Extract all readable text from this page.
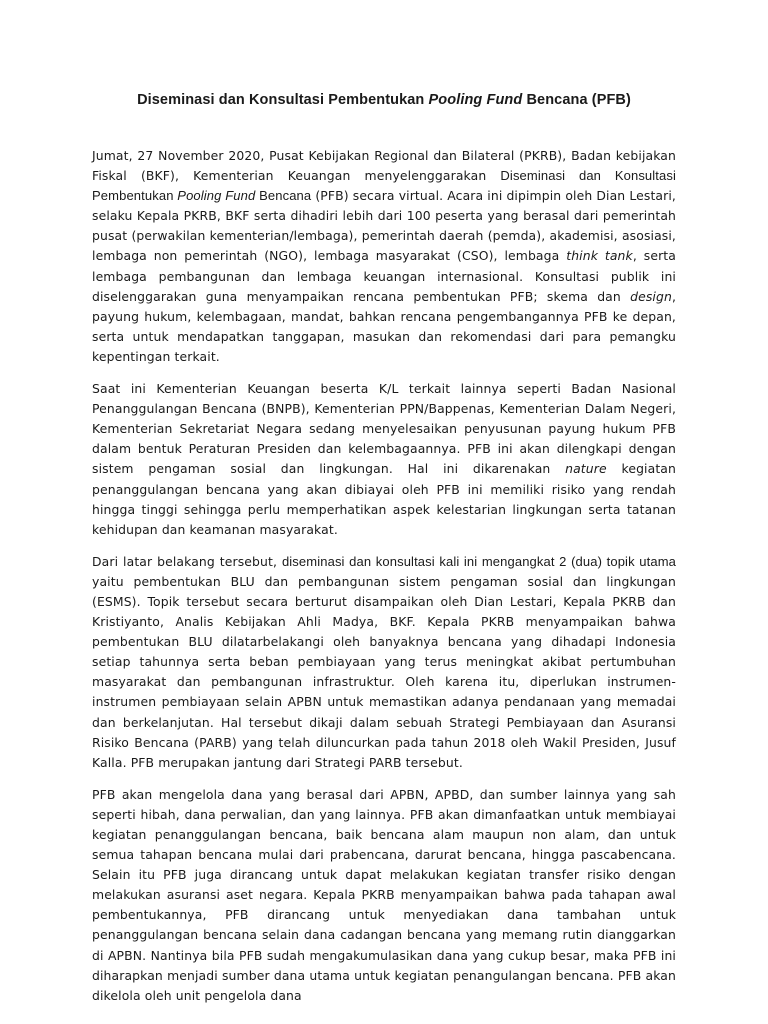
Diseminasi dan Konsultasi Pembentukan Pooling Fund Bencana (PFB)

Jumat, 27 November 2020, Pusat Kebijakan Regional dan Bilateral (PKRB), Badan kebijakan Fiskal (BKF), Kementerian Keuangan menyelenggarakan Diseminasi dan Konsultasi Pembentukan Pooling Fund Bencana (PFB) secara virtual. Acara ini dipimpin oleh Dian Lestari, selaku Kepala PKRB, BKF serta dihadiri lebih dari 100 peserta yang berasal dari pemerintah pusat (perwakilan kementerian/lembaga), pemerintah daerah (pemda), akademisi, asosiasi, lembaga non pemerintah (NGO), lembaga masyarakat (CSO), lembaga think tank, serta lembaga pembangunan dan lembaga keuangan internasional. Konsultasi publik ini diselenggarakan guna menyampaikan rencana pembentukan PFB; skema dan design, payung hukum, kelembagaan, mandat, bahkan rencana pengembangannya PFB ke depan, serta untuk mendapatkan tanggapan, masukan dan rekomendasi dari para pemangku kepentingan terkait.

Saat ini Kementerian Keuangan beserta K/L terkait lainnya seperti Badan Nasional Penanggulangan Bencana (BNPB), Kementerian PPN/Bappenas, Kementerian Dalam Negeri, Kementerian Sekretariat Negara sedang menyelesaikan penyusunan payung hukum PFB dalam bentuk Peraturan Presiden dan kelembagaannya. PFB ini akan dilengkapi dengan sistem pengaman sosial dan lingkungan. Hal ini dikarenakan nature kegiatan penanggulangan bencana yang akan dibiayai oleh PFB ini memiliki risiko yang rendah hingga tinggi sehingga perlu memperhatikan aspek kelestarian lingkungan serta tatanan kehidupan dan keamanan masyarakat.

Dari latar belakang tersebut, diseminasi dan konsultasi kali ini mengangkat 2 (dua) topik utama yaitu pembentukan BLU dan pembangunan sistem pengaman sosial dan lingkungan (ESMS). Topik tersebut secara berturut disampaikan oleh Dian Lestari, Kepala PKRB dan Kristiyanto, Analis Kebijakan Ahli Madya, BKF. Kepala PKRB menyampaikan bahwa pembentukan BLU dilatarbelakangi oleh banyaknya bencana yang dihadapi Indonesia setiap tahunnya serta beban pembiayaan yang terus meningkat akibat pertumbuhan masyarakat dan pembangunan infrastruktur. Oleh karena itu, diperlukan instrumen-instrumen pembiayaan selain APBN untuk memastikan adanya pendanaan yang memadai dan berkelanjutan. Hal tersebut dikaji dalam sebuah Strategi Pembiayaan dan Asuransi Risiko Bencana (PARB) yang telah diluncurkan pada tahun 2018 oleh Wakil Presiden, Jusuf Kalla. PFB merupakan jantung dari Strategi PARB tersebut.

PFB akan mengelola dana yang berasal dari APBN, APBD, dan sumber lainnya yang sah seperti hibah, dana perwalian, dan yang lainnya. PFB akan dimanfaatkan untuk membiayai kegiatan penanggulangan bencana, baik bencana alam maupun non alam, dan untuk semua tahapan bencana mulai dari prabencana, darurat bencana, hingga pascabencana. Selain itu PFB juga dirancang untuk dapat melakukan kegiatan transfer risiko dengan melakukan asuransi aset negara. Kepala PKRB menyampaikan bahwa pada tahapan awal pembentukannya, PFB dirancang untuk menyediakan dana tambahan untuk penanggulangan bencana selain dana cadangan bencana yang memang rutin dianggarkan di APBN. Nantinya bila PFB sudah mengakumulasikan dana yang cukup besar, maka PFB ini diharapkan menjadi sumber dana utama untuk kegiatan penangulangan bencana. PFB akan dikelola oleh unit pengelola dana
